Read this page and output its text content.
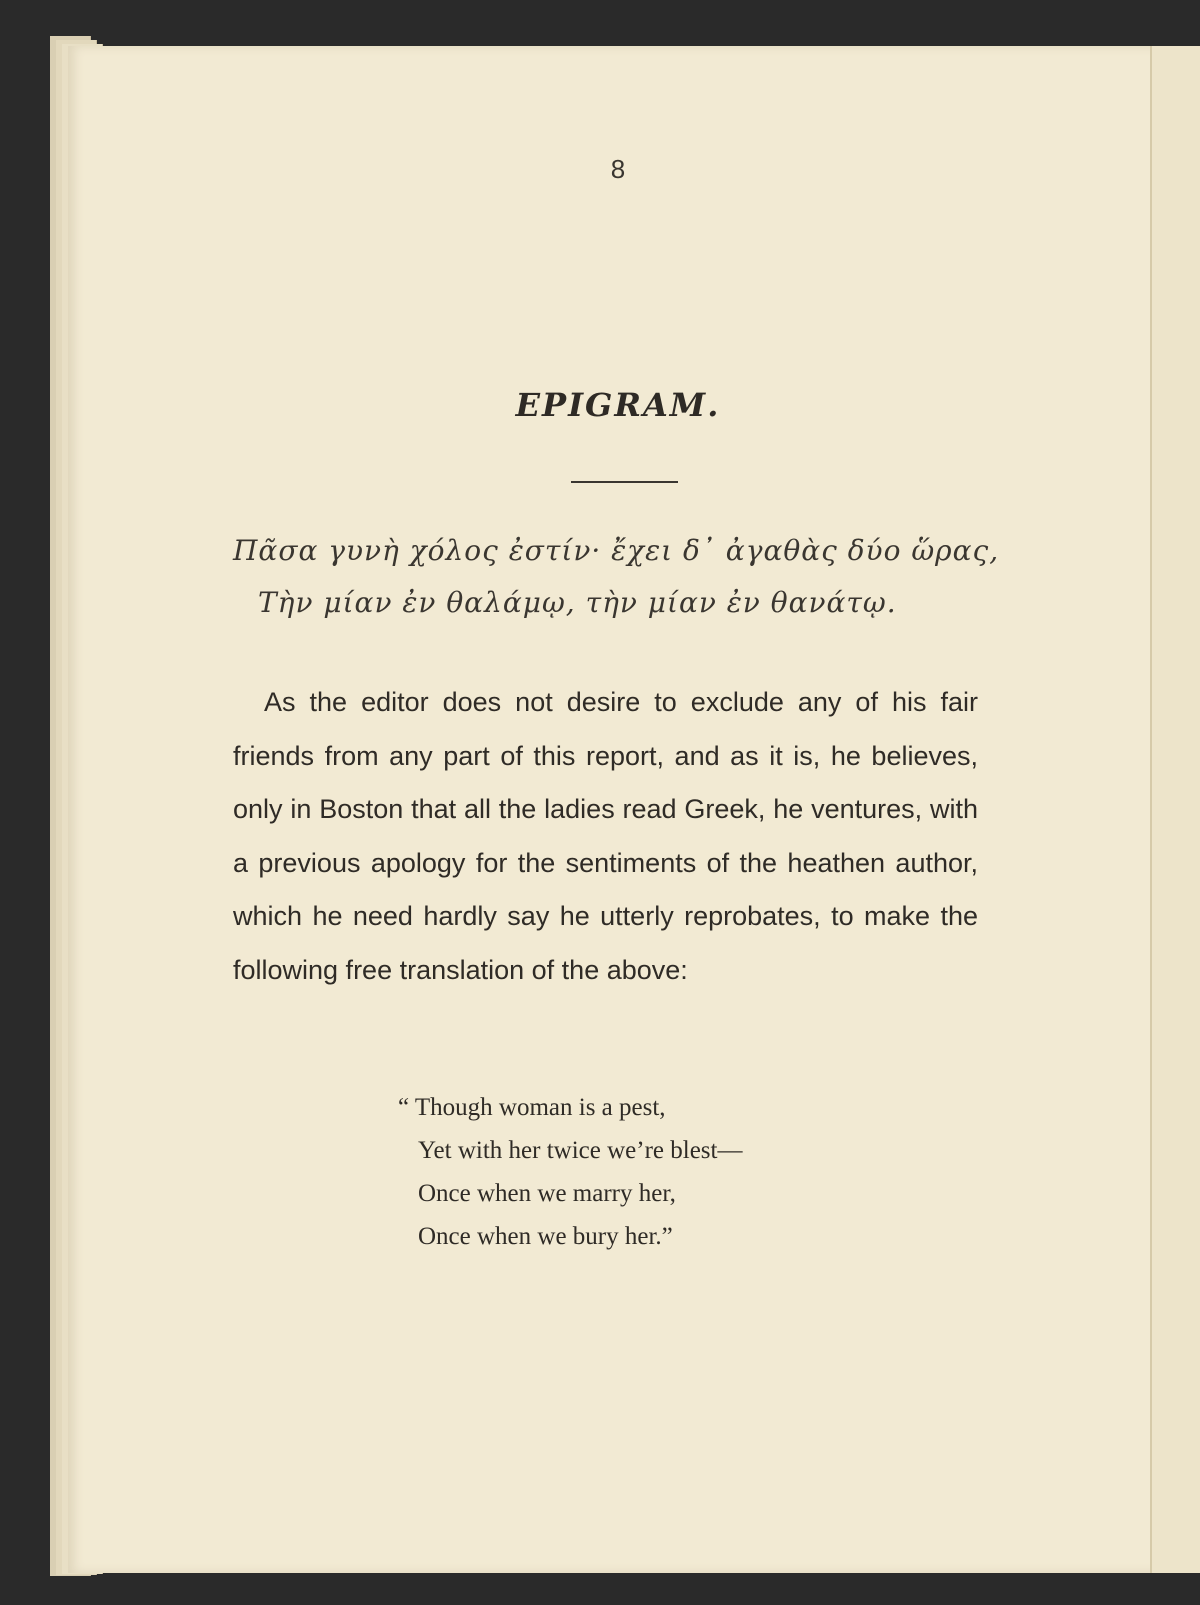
8
EPIGRAM.
Πᾶσα γυνὴ χόλος ἐστίν· ἔχει δ᾽ ἀγαθὰς δύο ὥρας,
Τὴν μίαν ἐν θαλάμῳ, τὴν μίαν ἐν θανάτῳ.

As the editor does not desire to exclude any of his fair friends from any part of this report, and as it is, he believes, only in Boston that all the ladies read Greek, he ventures, with a previous apology for the sentiments of the heathen author, which he need hardly say he utterly reprobates, to make the following free translation of the above:

“ Though woman is a pest,
Yet with her twice we’re blest—
Once when we marry her,
Once when we bury her.”
